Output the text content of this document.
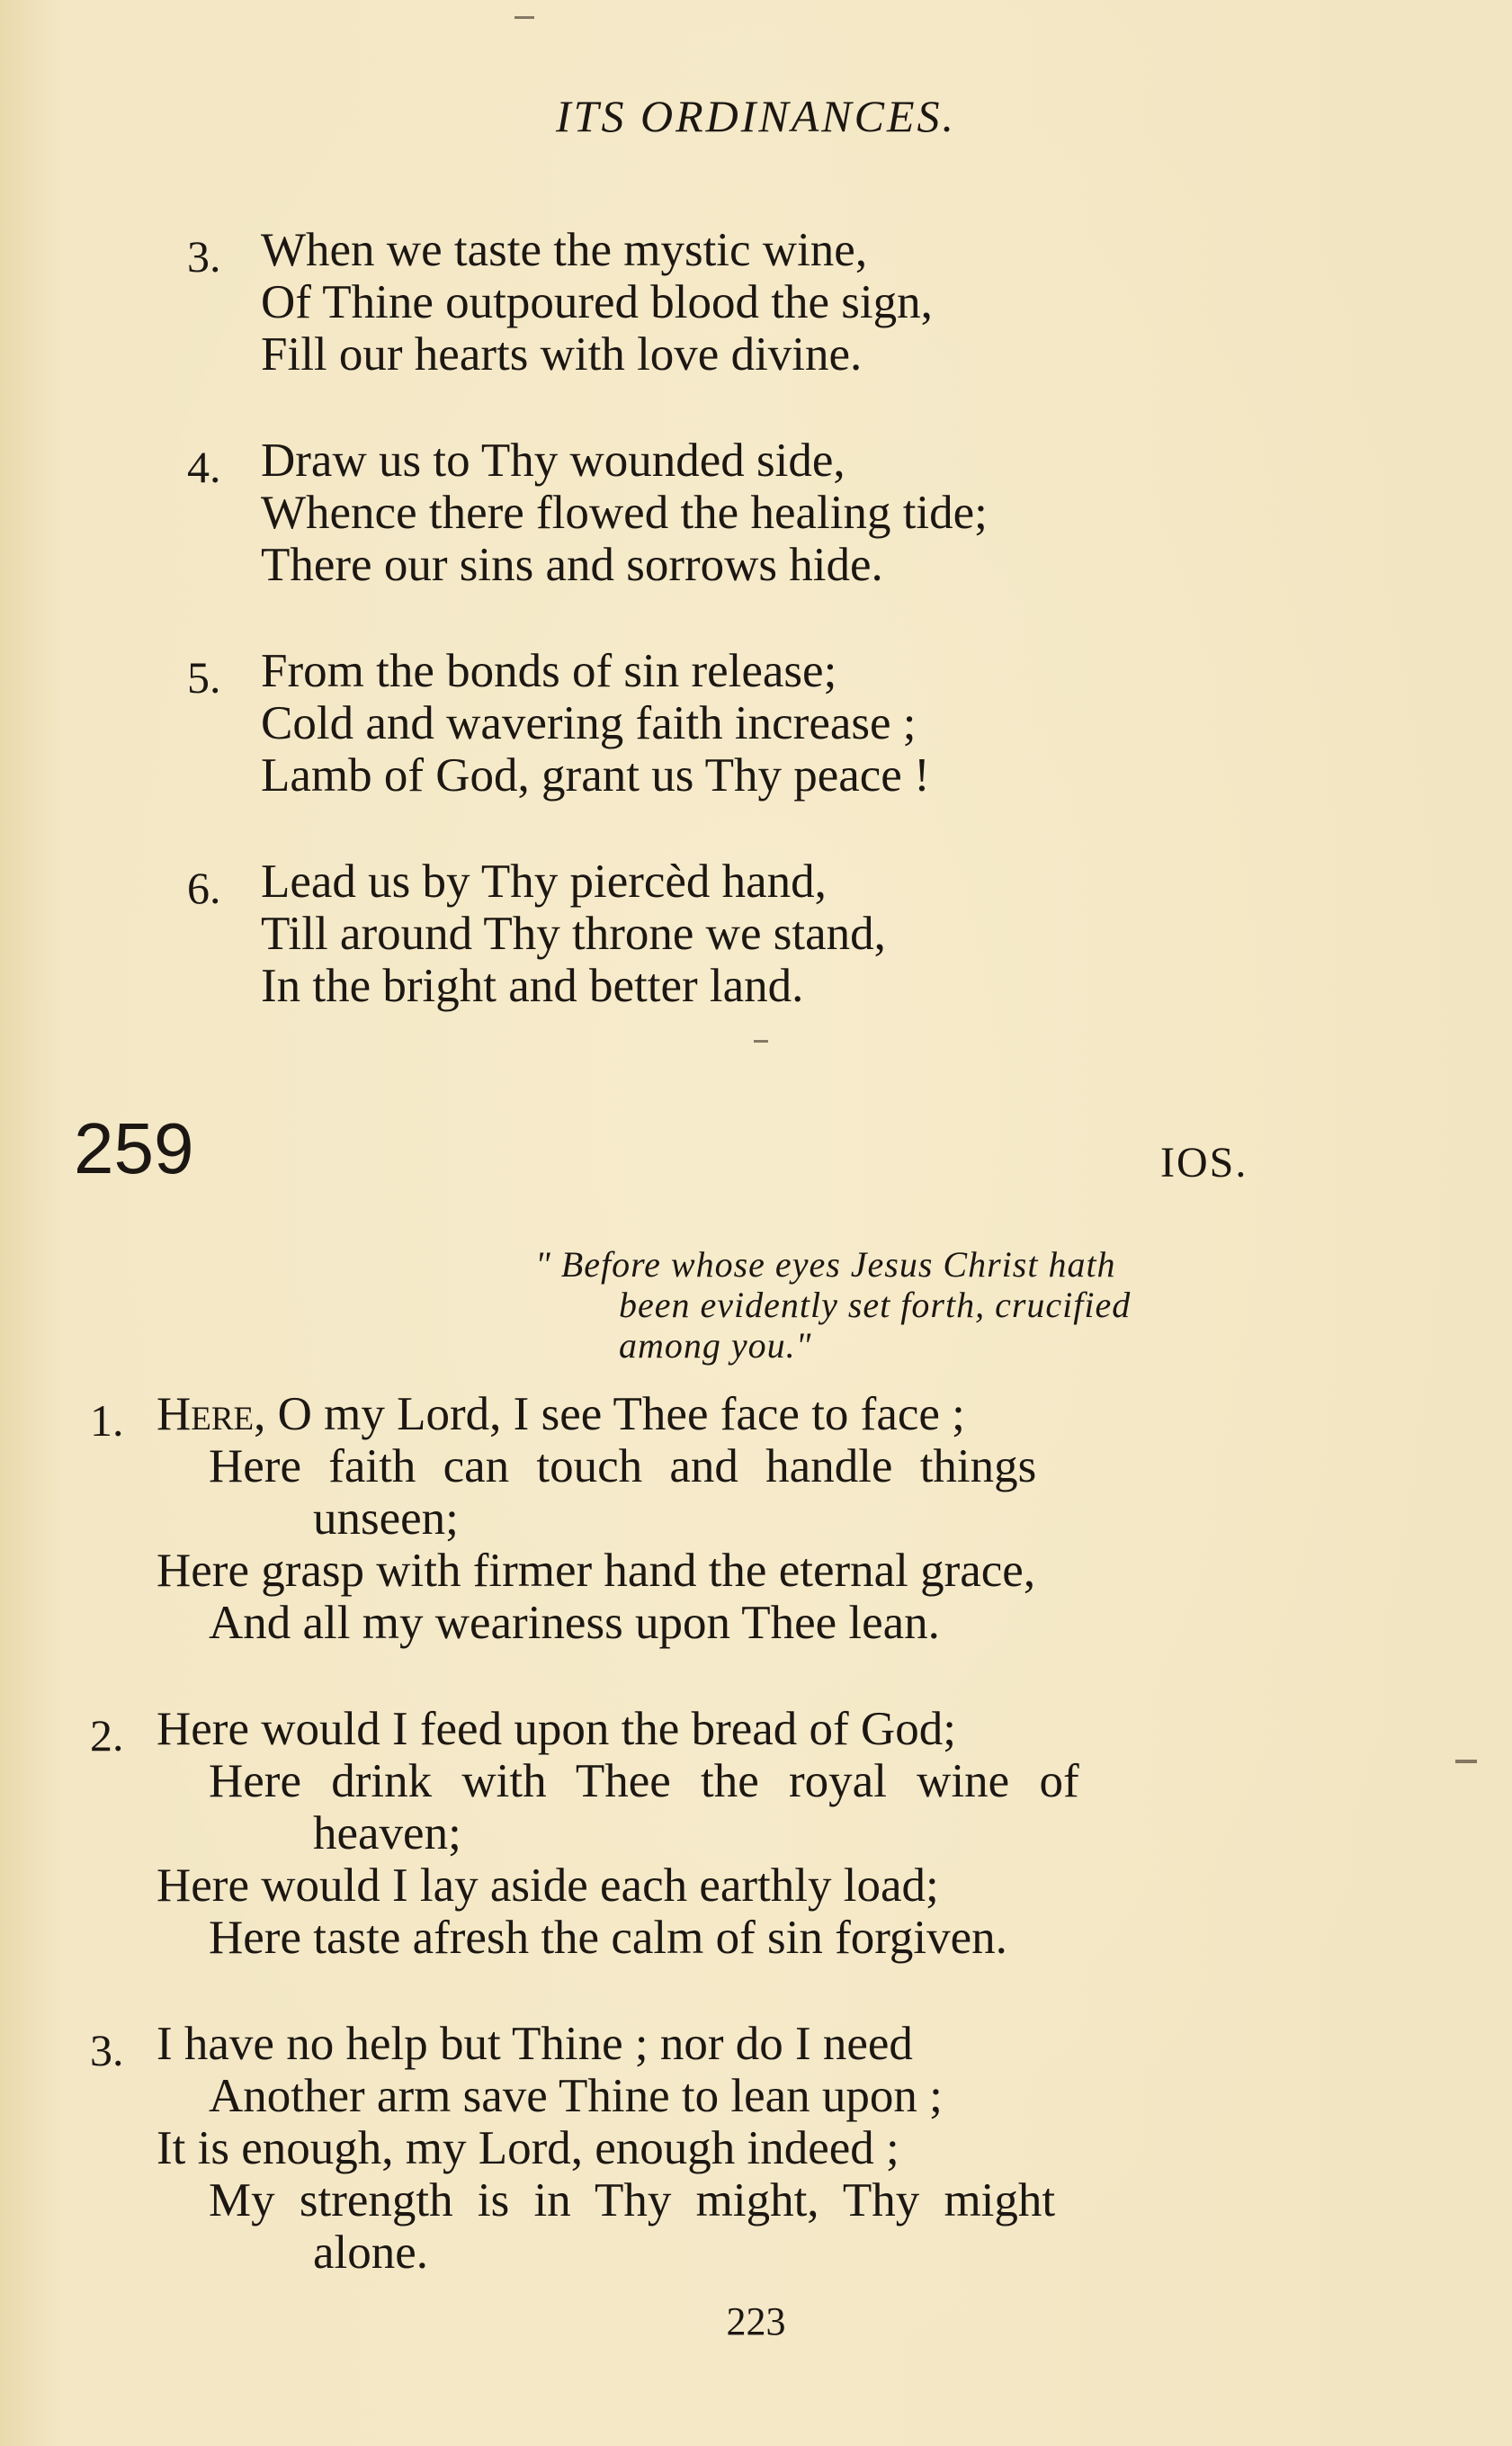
ITS ORDINANCES.
3. When we taste the mystic wine,
Of Thine outpoured blood the sign,
Fill our hearts with love divine.
4. Draw us to Thy wounded side,
Whence there flowed the healing tide;
There our sins and sorrows hide.
5. From the bonds of sin release;
Cold and wavering faith increase ;
Lamb of God, grant us Thy peace !
6. Lead us by Thy piercèd hand,
Till around Thy throne we stand,
In the bright and better land.
259	IOS.
" Before whose eyes Jesus Christ hath
been evidently set forth, crucified
among you."
1. Here, O my Lord, I see Thee face to face ;
Here faith can touch and handle things
unseen;
Here grasp with firmer hand the eternal grace,
And all my weariness upon Thee lean.
2. Here would I feed upon the bread of God;
Here drink with Thee the royal wine of
heaven;
Here would I lay aside each earthly load;
Here taste afresh the calm of sin forgiven.
3. I have no help but Thine ; nor do I need
Another arm save Thine to lean upon ;
It is enough, my Lord, enough indeed ;
My strength is in Thy might, Thy might
alone.
223
